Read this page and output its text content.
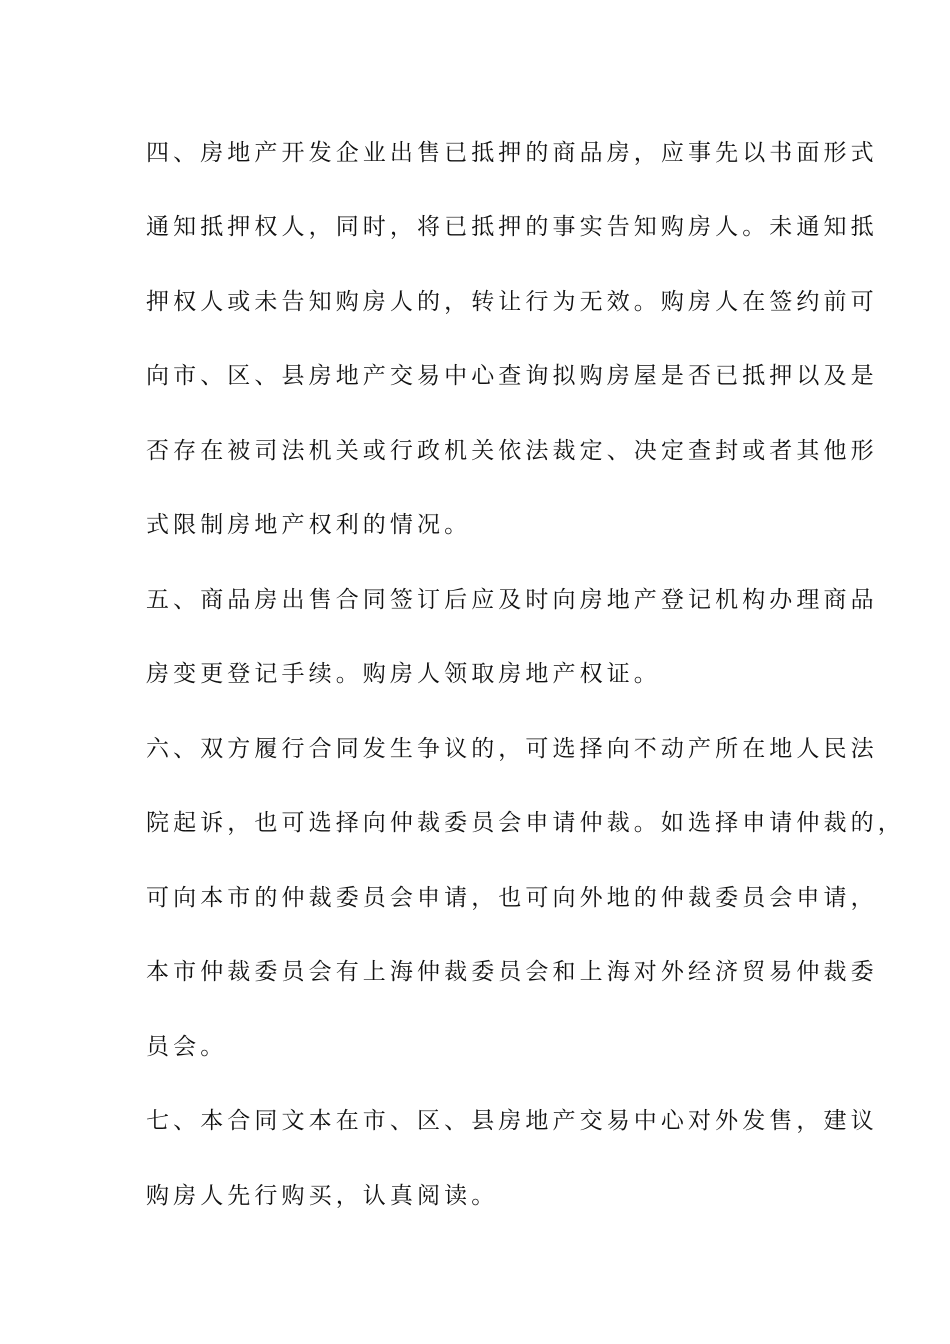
四、房地产开发企业出售已抵押的商品房，应事先以书面形式
通知抵押权人，同时，将已抵押的事实告知购房人。未通知抵
押权人或未告知购房人的，转让行为无效。购房人在签约前可
向市、区、县房地产交易中心查询拟购房屋是否已抵押以及是
否存在被司法机关或行政机关依法裁定、决定查封或者其他形
式限制房地产权利的情况。
五、商品房出售合同签订后应及时向房地产登记机构办理商品
房变更登记手续。购房人领取房地产权证。
六、双方履行合同发生争议的，可选择向不动产所在地人民法
院起诉，也可选择向仲裁委员会申请仲裁。如选择申请仲裁的，
可向本市的仲裁委员会申请，也可向外地的仲裁委员会申请，
本市仲裁委员会有上海仲裁委员会和上海对外经济贸易仲裁委
员会。
七、本合同文本在市、区、县房地产交易中心对外发售，建议
购房人先行购买，认真阅读。
